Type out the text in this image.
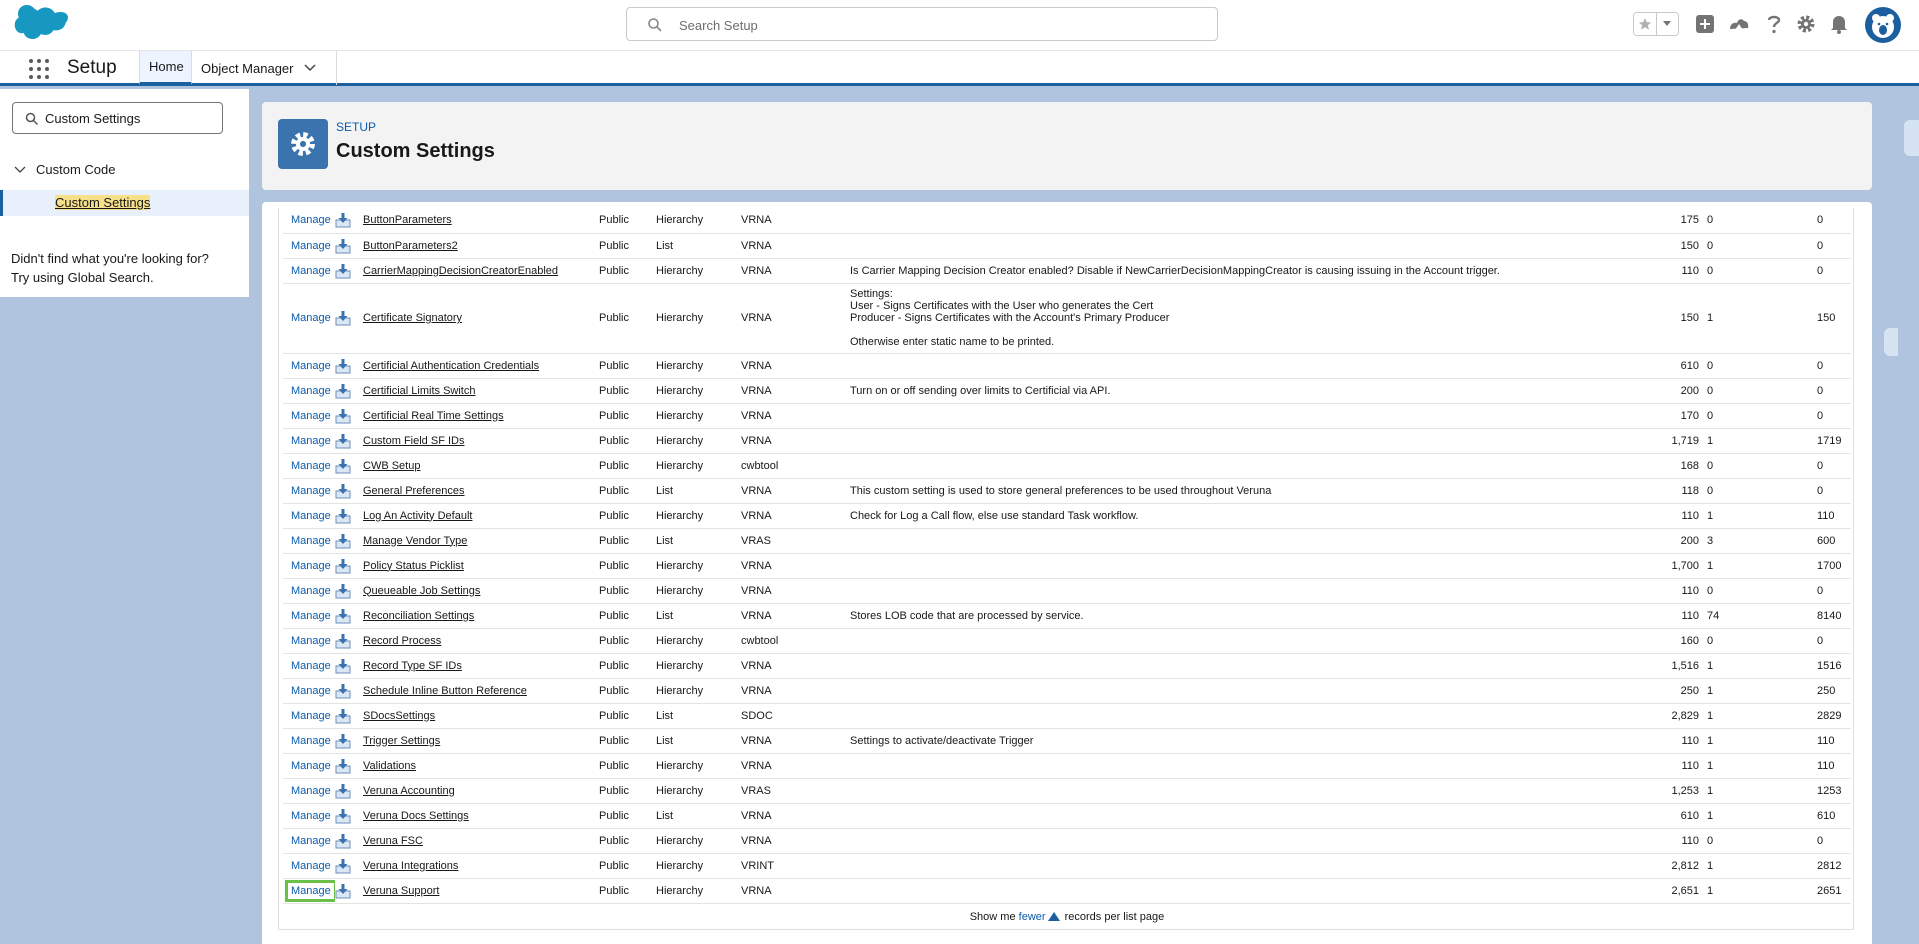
Search Setup
Setup Home Object Manager
Custom Settings
Custom Code
Custom Settings
Didn't find what you're looking for?
Try using Global Search.
SETUP
Custom Settings
Manage		ButtonParameters	Public	Hierarchy	VRNA		175	0	0
Manage		ButtonParameters2	Public	List	VRNA		150	0	0
Manage		CarrierMappingDecisionCreatorEnabled	Public	Hierarchy	VRNA	Is Carrier Mapping Decision Creator enabled? Disable if NewCarrierDecisionMappingCreator is causing issuing in the Account trigger.	110	0	0
Manage		Certificate Signatory	Public	Hierarchy	VRNA	Settings:
User - Signs Certificates with the User who generates the Cert
Producer - Signs Certificates with the Account's Primary Producer

Otherwise enter static name to be printed.	150	1	150
Manage		Certificial Authentication Credentials	Public	Hierarchy	VRNA		610	0	0
Manage		Certificial Limits Switch	Public	Hierarchy	VRNA	Turn on or off sending over limits to Certificial via API.	200	0	0
Manage		Certificial Real Time Settings	Public	Hierarchy	VRNA		170	0	0
Manage		Custom Field SF IDs	Public	Hierarchy	VRNA		1,719	1	1719
Manage		CWB Setup	Public	Hierarchy	cwbtool		168	0	0
Manage		General Preferences	Public	List	VRNA	This custom setting is used to store general preferences to be used throughout Veruna	118	0	0
Manage		Log An Activity Default	Public	Hierarchy	VRNA	Check for Log a Call flow, else use standard Task workflow.	110	1	110
Manage		Manage Vendor Type	Public	List	VRAS		200	3	600
Manage		Policy Status Picklist	Public	Hierarchy	VRNA		1,700	1	1700
Manage		Queueable Job Settings	Public	Hierarchy	VRNA		110	0	0
Manage		Reconciliation Settings	Public	List	VRNA	Stores LOB code that are processed by service.	110	74	8140
Manage		Record Process	Public	Hierarchy	cwbtool		160	0	0
Manage		Record Type SF IDs	Public	Hierarchy	VRNA		1,516	1	1516
Manage		Schedule Inline Button Reference	Public	Hierarchy	VRNA		250	1	250
Manage		SDocsSettings	Public	List	SDOC		2,829	1	2829
Manage		Trigger Settings	Public	List	VRNA	Settings to activate/deactivate Trigger	110	1	110
Manage		Validations	Public	Hierarchy	VRNA		110	1	110
Manage		Veruna Accounting	Public	Hierarchy	VRAS		1,253	1	1253
Manage		Veruna Docs Settings	Public	List	VRNA		610	1	610
Manage		Veruna FSC	Public	Hierarchy	VRNA		110	0	0
Manage		Veruna Integrations	Public	Hierarchy	VRINT		2,812	1	2812
Manage		Veruna Support	Public	Hierarchy	VRNA		2,651	1	2651
Show me fewer records per list page
